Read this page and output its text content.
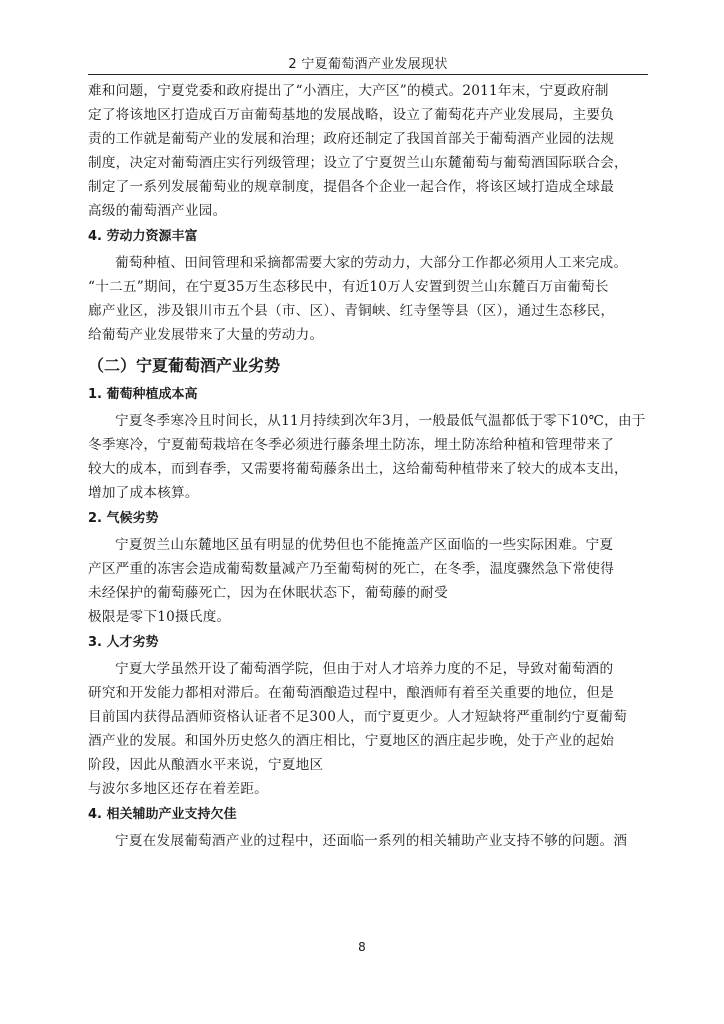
2 宁夏葡萄酒产业发展现状

难和问题，宁夏党委和政府提出了“小酒庄，大产区”的模式。2011年末，宁夏政府制

定了将该地区打造成百万亩葡萄基地的发展战略，设立了葡萄花卉产业发展局，主要负

责的工作就是葡萄产业的发展和治理；政府还制定了我国首部关于葡萄酒产业园的法规

制度，决定对葡萄酒庄实行列级管理；设立了宁夏贺兰山东麓葡萄与葡萄酒国际联合会，

制定了一系列发展葡萄业的规章制度，提倡各个企业一起合作，将该区域打造成全球最

高级的葡萄酒产业园。

4. 劳动力资源丰富

葡萄种植、田间管理和采摘都需要大家的劳动力，大部分工作都必须用人工来完成。

“十二五”期间，在宁夏35万生态移民中，有近10万人安置到贺兰山东麓百万亩葡萄长

廊产业区，涉及银川市五个县（市、区）、青铜峡、红寺堡等县（区），通过生态移民，

给葡萄产业发展带来了大量的劳动力。

（二）宁夏葡萄酒产业劣势
1. 葡萄种植成本高

宁夏冬季寒冷且时间长，从11月持续到次年3月，一般最低气温都低于零下10℃，由于

冬季寒冷，宁夏葡萄栽培在冬季必须进行藤条埋土防冻，埋土防冻给种植和管理带来了

较大的成本，而到春季，又需要将葡萄藤条出土，这给葡萄种植带来了较大的成本支出，

增加了成本核算。

2. 气候劣势

宁夏贺兰山东麓地区虽有明显的优势但也不能掩盖产区面临的一些实际困难。宁夏

产区严重的冻害会造成葡萄数量减产乃至葡萄树的死亡，在冬季，温度骤然急下常使得

未经保护的葡萄藤死亡，因为在休眠状态下，葡萄藤的耐受

极限是零下10摄氏度。

3. 人才劣势

宁夏大学虽然开设了葡萄酒学院，但由于对人才培养力度的不足，导致对葡萄酒的

研究和开发能力都相对滞后。在葡萄酒酿造过程中，酿酒师有着至关重要的地位，但是

目前国内获得品酒师资格认证者不足300人，而宁夏更少。人才短缺将严重制约宁夏葡萄

酒产业的发展。和国外历史悠久的酒庄相比，宁夏地区的酒庄起步晚，处于产业的起始

阶段，因此从酿酒水平来说，宁夏地区

与波尔多地区还存在着差距。

4. 相关辅助产业支持欠佳

宁夏在发展葡萄酒产业的过程中，还面临一系列的相关辅助产业支持不够的问题。酒

8
